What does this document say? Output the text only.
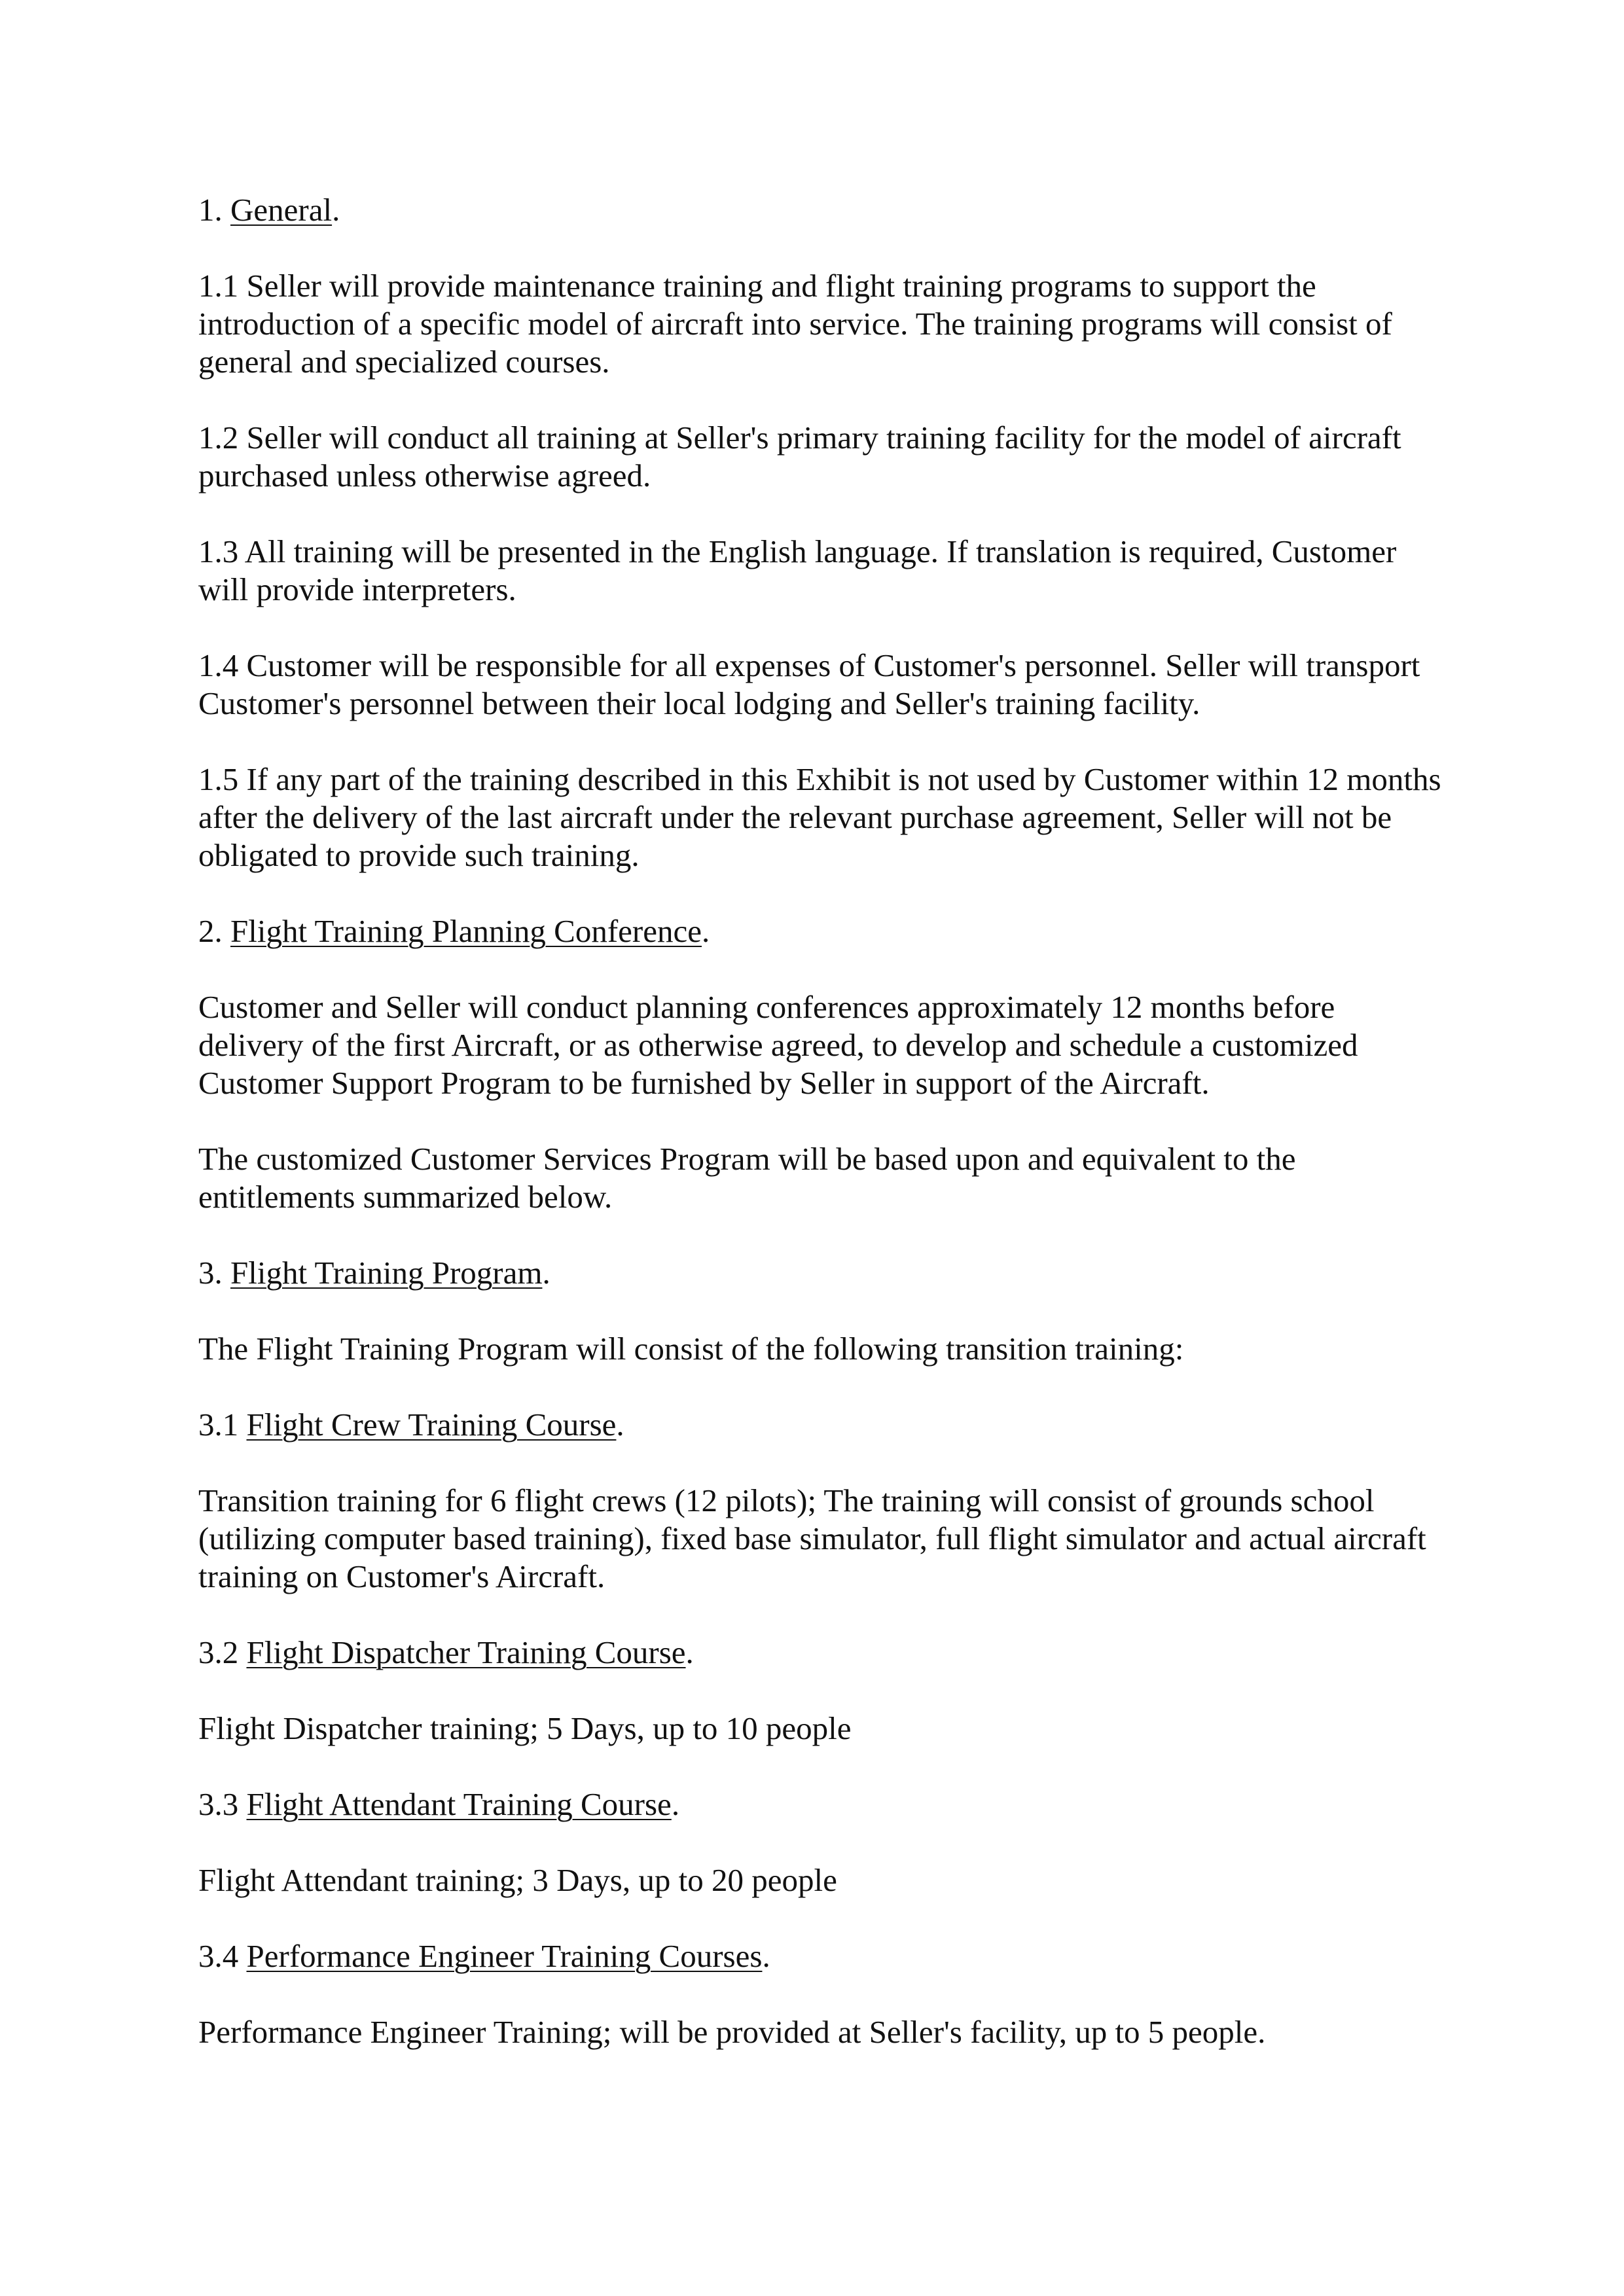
1. General.

1.1 Seller will provide maintenance training and flight training programs to support the introduction of a specific model of aircraft into service. The training programs will consist of general and specialized courses.

1.2 Seller will conduct all training at Seller's primary training facility for the model of aircraft purchased unless otherwise agreed.

1.3 All training will be presented in the English language. If translation is required, Customer will provide interpreters.

1.4 Customer will be responsible for all expenses of Customer's personnel. Seller will transport Customer's personnel between their local lodging and Seller's training facility.

1.5 If any part of the training described in this Exhibit is not used by Customer within 12 months after the delivery of the last aircraft under the relevant purchase agreement, Seller will not be obligated to provide such training.

2. Flight Training Planning Conference.

Customer and Seller will conduct planning conferences approximately 12 months before delivery of the first Aircraft, or as otherwise agreed, to develop and schedule a customized Customer Support Program to be furnished by Seller in support of the Aircraft.

The customized Customer Services Program will be based upon and equivalent to the entitlements summarized below.

3. Flight Training Program.

The Flight Training Program will consist of the following transition training:

3.1 Flight Crew Training Course.

Transition training for 6 flight crews (12 pilots); The training will consist of grounds school (utilizing computer based training), fixed base simulator, full flight simulator and actual aircraft training on Customer's Aircraft.

3.2 Flight Dispatcher Training Course.

Flight Dispatcher training; 5 Days, up to 10 people

3.3 Flight Attendant Training Course.

Flight Attendant training; 3 Days, up to 20 people

3.4 Performance Engineer Training Courses.

Performance Engineer Training; will be provided at Seller's facility, up to 5 people.
